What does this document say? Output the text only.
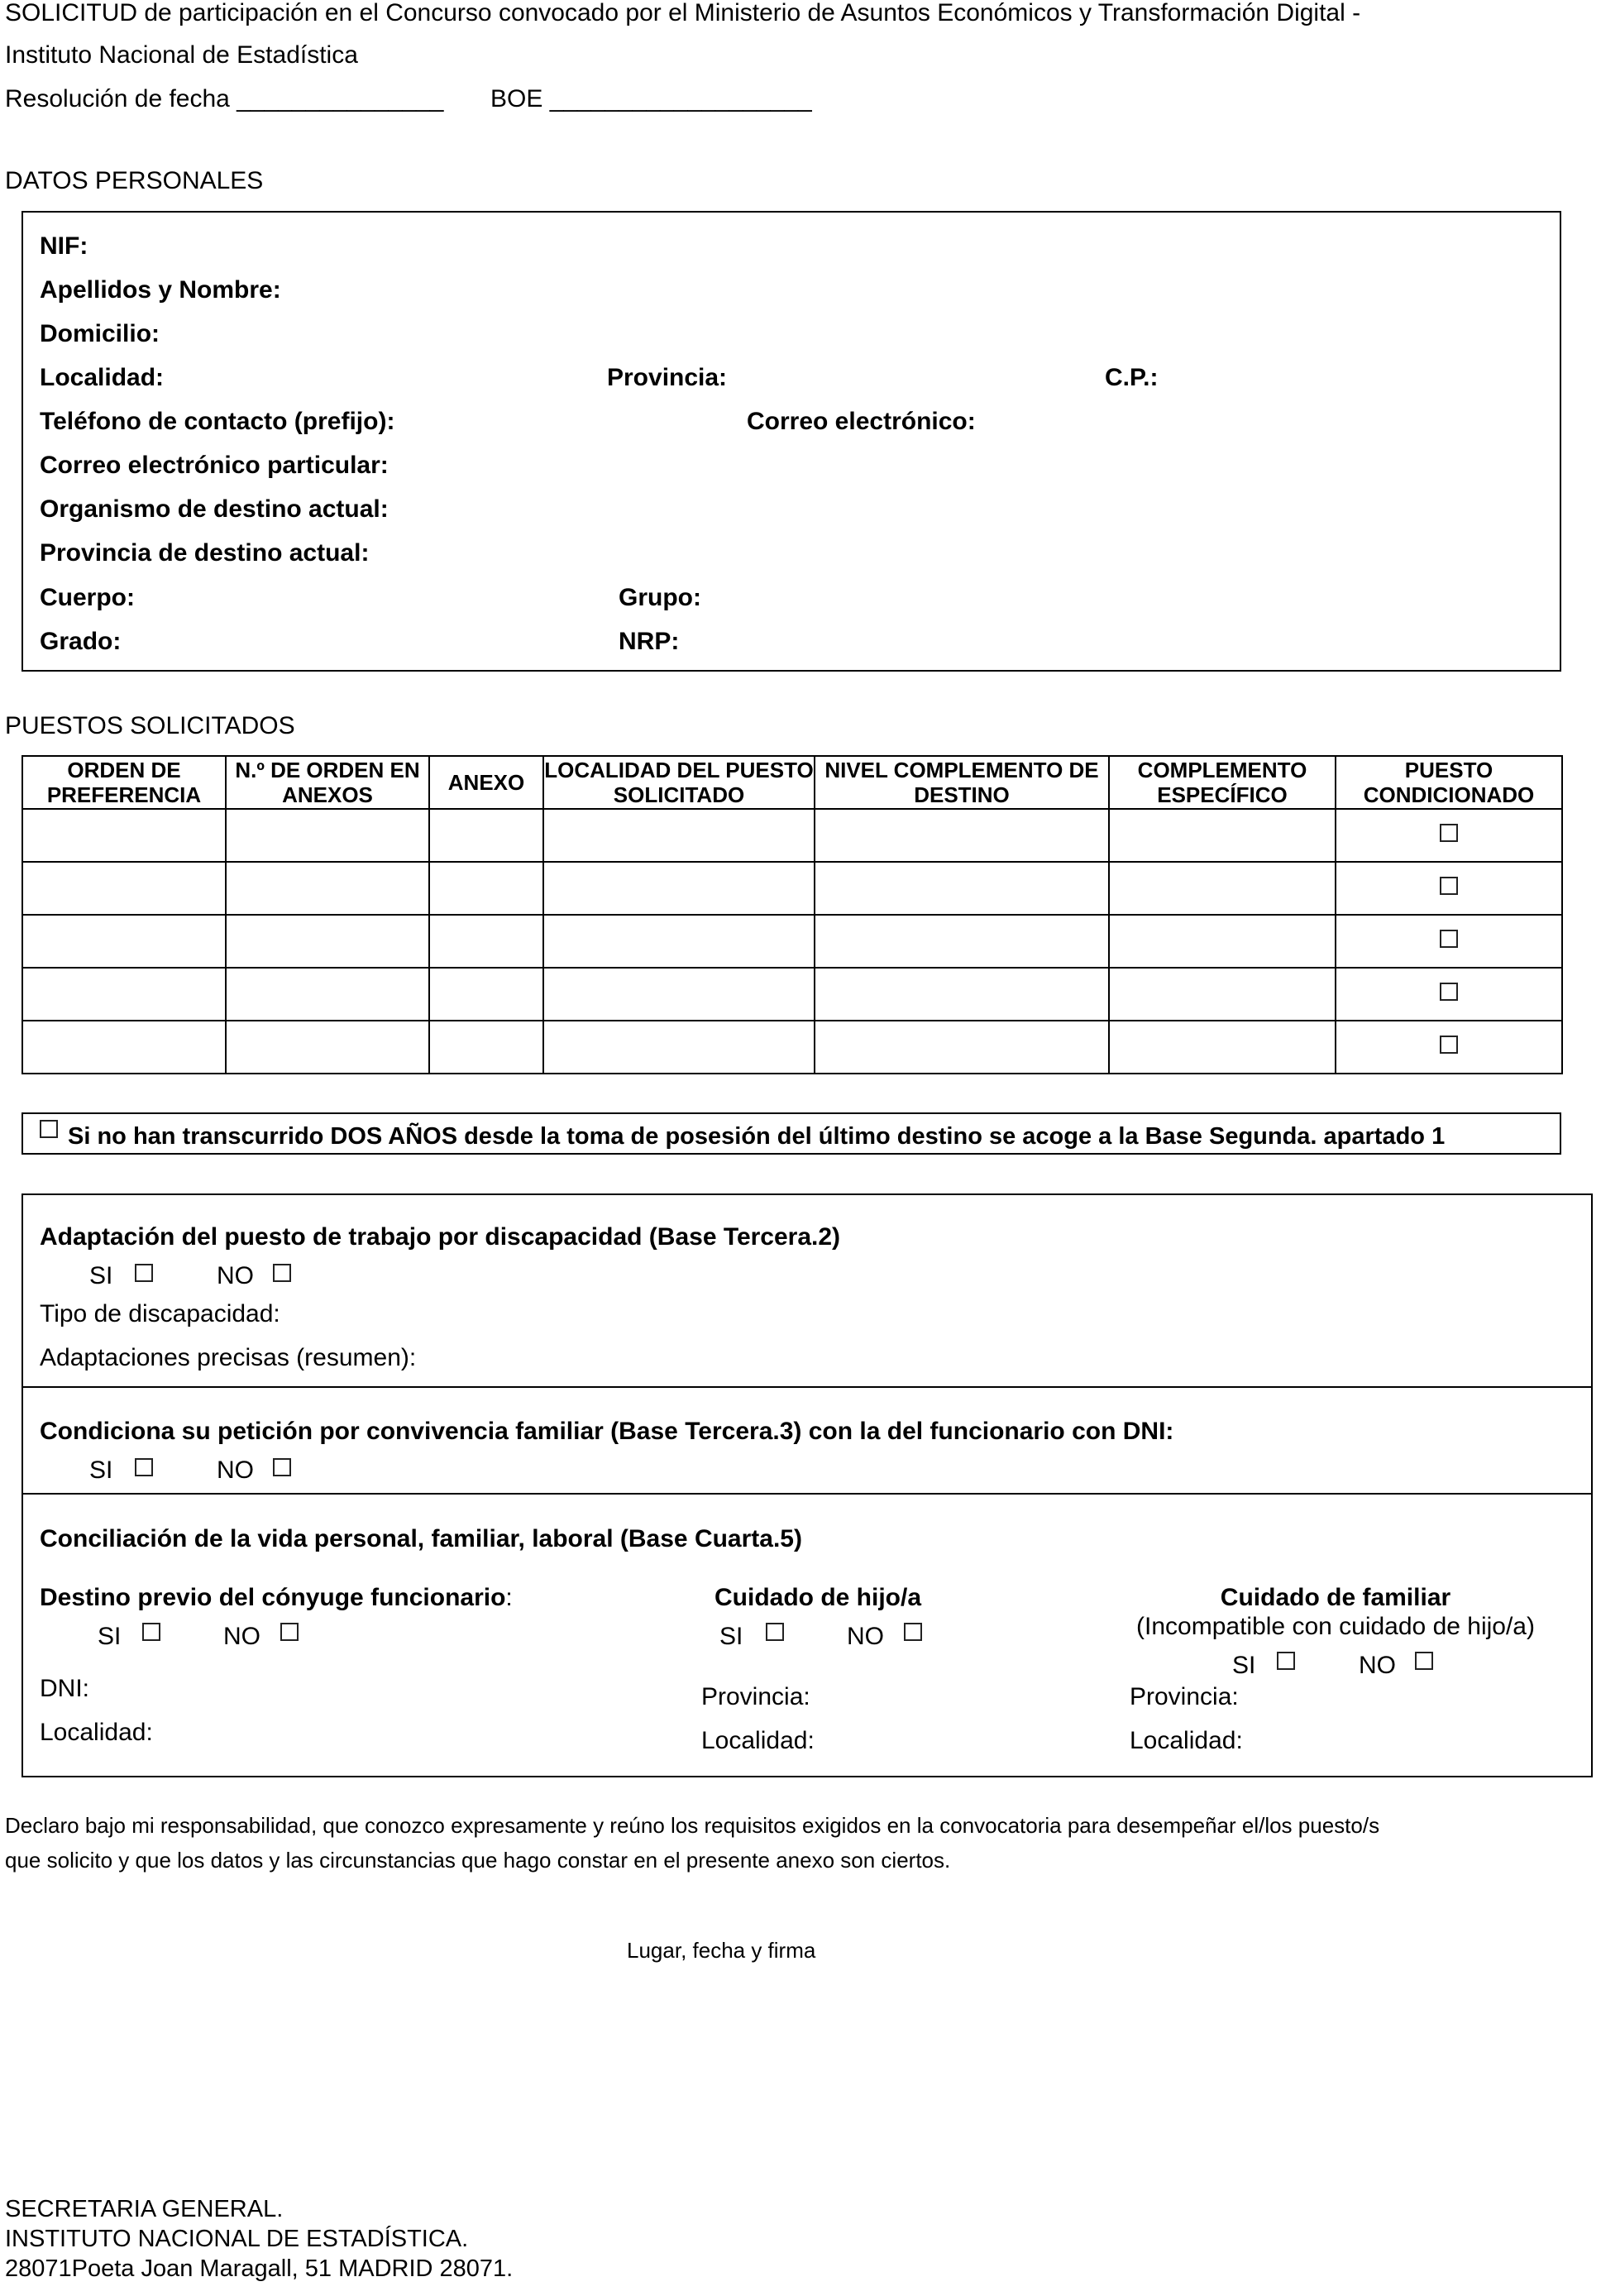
SOLICITUD de participación en el Concurso convocado por el Ministerio de Asuntos Económicos y Transformación Digital -
Instituto Nacional de Estadística
Resolución de fecha _______________ BOE ___________________
DATOS PERSONALES
NIF:
Apellidos y Nombre:
Domicilio:
Localidad:	Provincia:	C.P.:
Teléfono de contacto (prefijo):	Correo electrónico:
Correo electrónico particular:
Organismo de destino actual:
Provincia de destino actual:
Cuerpo:	Grupo:
Grado:	NRP:
PUESTOS SOLICITADOS
ORDEN DE PREFERENCIA	N.º DE ORDEN EN ANEXOS	ANEXO	LOCALIDAD DEL PUESTO SOLICITADO	NIVEL COMPLEMENTO DE DESTINO	COMPLEMENTO ESPECÍFICO	PUESTO CONDICIONADO

Si no han transcurrido DOS AÑOS desde la toma de posesión del último destino se acoge a la Base Segunda. apartado 1
Adaptación del puesto de trabajo por discapacidad (Base Tercera.2)
SI	NO
Tipo de discapacidad:
Adaptaciones precisas (resumen):
Condiciona su petición por convivencia familiar (Base Tercera.3) con la del funcionario con DNI:
SI	NO
Conciliación de la vida personal, familiar, laboral (Base Cuarta.5)
Destino previo del cónyuge funcionario:
SI	NO
DNI:
Localidad:
Cuidado de hijo/a
SI	NO
Provincia:
Localidad:
Cuidado de familiar
(Incompatible con cuidado de hijo/a)
SI	NO
Provincia:
Localidad:
Declaro bajo mi responsabilidad, que conozco expresamente y reúno los requisitos exigidos en la convocatoria para desempeñar el/los puesto/s
que solicito y que los datos y las circunstancias que hago constar en el presente anexo son ciertos.
Lugar, fecha y firma
SECRETARIA GENERAL.
INSTITUTO NACIONAL DE ESTADÍSTICA.
28071Poeta Joan Maragall, 51 MADRID 28071.
